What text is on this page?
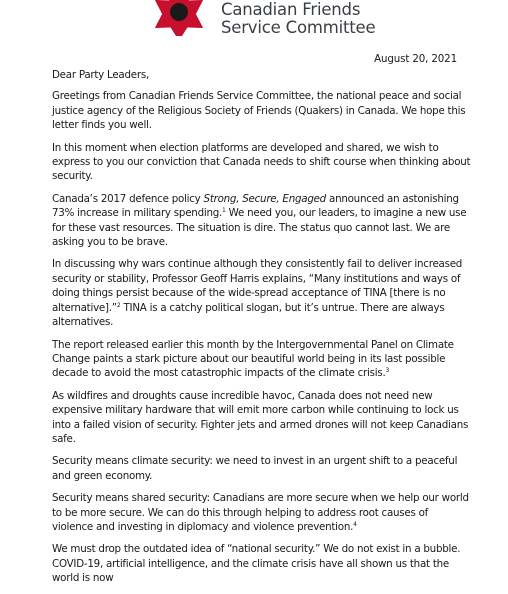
Canadian Friends
Service Committee
August 20, 2021

Dear Party Leaders,

Greetings from Canadian Friends Service Committee, the national peace and social justice agency of the Religious Society of Friends (Quakers) in Canada. We hope this letter finds you well.

In this moment when election platforms are developed and shared, we wish to express to you our conviction that Canada needs to shift course when thinking about security.

Canada’s 2017 defence policy Strong, Secure, Engaged announced an astonishing 73% increase in military spending.$^1$ We need you, our leaders, to imagine a new use for these vast resources. The situation is dire. The status quo cannot last. We are asking you to be brave.

In discussing why wars continue although they consistently fail to deliver increased security or stability, Professor Geoff Harris explains, “Many institutions and ways of doing things persist because of the wide-spread acceptance of TINA [there is no alternative].”$^2$ TINA is a catchy political slogan, but it’s untrue. There are always alternatives.

The report released earlier this month by the Intergovernmental Panel on Climate Change paints a stark picture about our beautiful world being in its last possible decade to avoid the most catastrophic impacts of the climate crisis.$^3$

As wildfires and droughts cause incredible havoc, Canada does not need new expensive military hardware that will emit more carbon while continuing to lock us into a failed vision of security. Fighter jets and armed drones will not keep Canadians safe.

Security means climate security: we need to invest in an urgent shift to a peaceful and green economy.

Security means shared security: Canadians are more secure when we help our world to be more secure. We can do this through helping to address root causes of violence and investing in diplomacy and violence prevention.$^4$

We must drop the outdated idea of “national security.” We do not exist in a bubble. COVID-19, artificial intelligence, and the climate crisis have all shown us that the world is now
